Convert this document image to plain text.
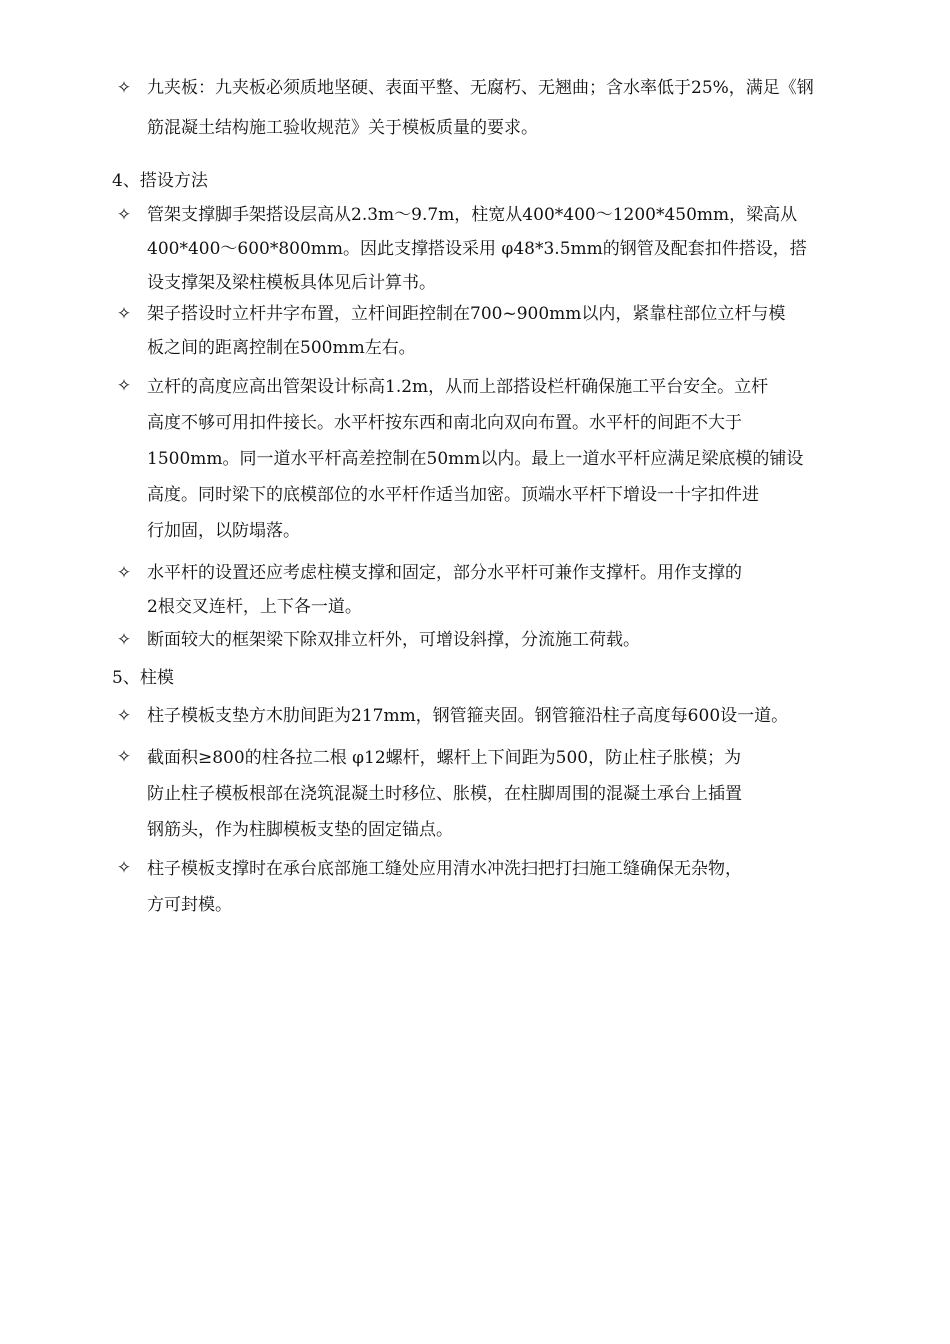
✧ 九夹板：九夹板必须质地坚硬、表面平整、无腐朽、无翘曲；含水率低于25%，满足《钢
筋混凝土结构施工验收规范》关于模板质量的要求。
4、搭设方法
✧ 管架支撑脚手架搭设层高从2.3m～9.7m，柱宽从400*400～1200*450mm，梁高从
400*400～600*800mm。因此支撑搭设采用 φ48*3.5mm的钢管及配套扣件搭设，搭
设支撑架及梁柱模板具体见后计算书。
✧ 架子搭设时立杆井字布置，立杆间距控制在700~900mm以内，紧靠柱部位立杆与模
板之间的距离控制在500mm左右。
✧ 立杆的高度应高出管架设计标高1.2m，从而上部搭设栏杆确保施工平台安全。立杆
高度不够可用扣件接长。水平杆按东西和南北向双向布置。水平杆的间距不大于
1500mm。同一道水平杆高差控制在50mm以内。最上一道水平杆应满足梁底模的铺设
高度。同时梁下的底模部位的水平杆作适当加密。顶端水平杆下增设一十字扣件进
行加固，以防塌落。
✧ 水平杆的设置还应考虑柱模支撑和固定，部分水平杆可兼作支撑杆。用作支撑的
2根交叉连杆，上下各一道。
✧ 断面较大的框架梁下除双排立杆外，可增设斜撑，分流施工荷载。
5、柱模
✧ 柱子模板支垫方木肋间距为217mm，钢管箍夹固。钢管箍沿柱子高度每600设一道。
✧ 截面积≥800的柱各拉二根 φ12螺杆，螺杆上下间距为500，防止柱子胀模；为
防止柱子模板根部在浇筑混凝土时移位、胀模，在柱脚周围的混凝土承台上插置
钢筋头，作为柱脚模板支垫的固定锚点。
✧ 柱子模板支撑时在承台底部施工缝处应用清水冲洗扫把打扫施工缝确保无杂物，
方可封模。
